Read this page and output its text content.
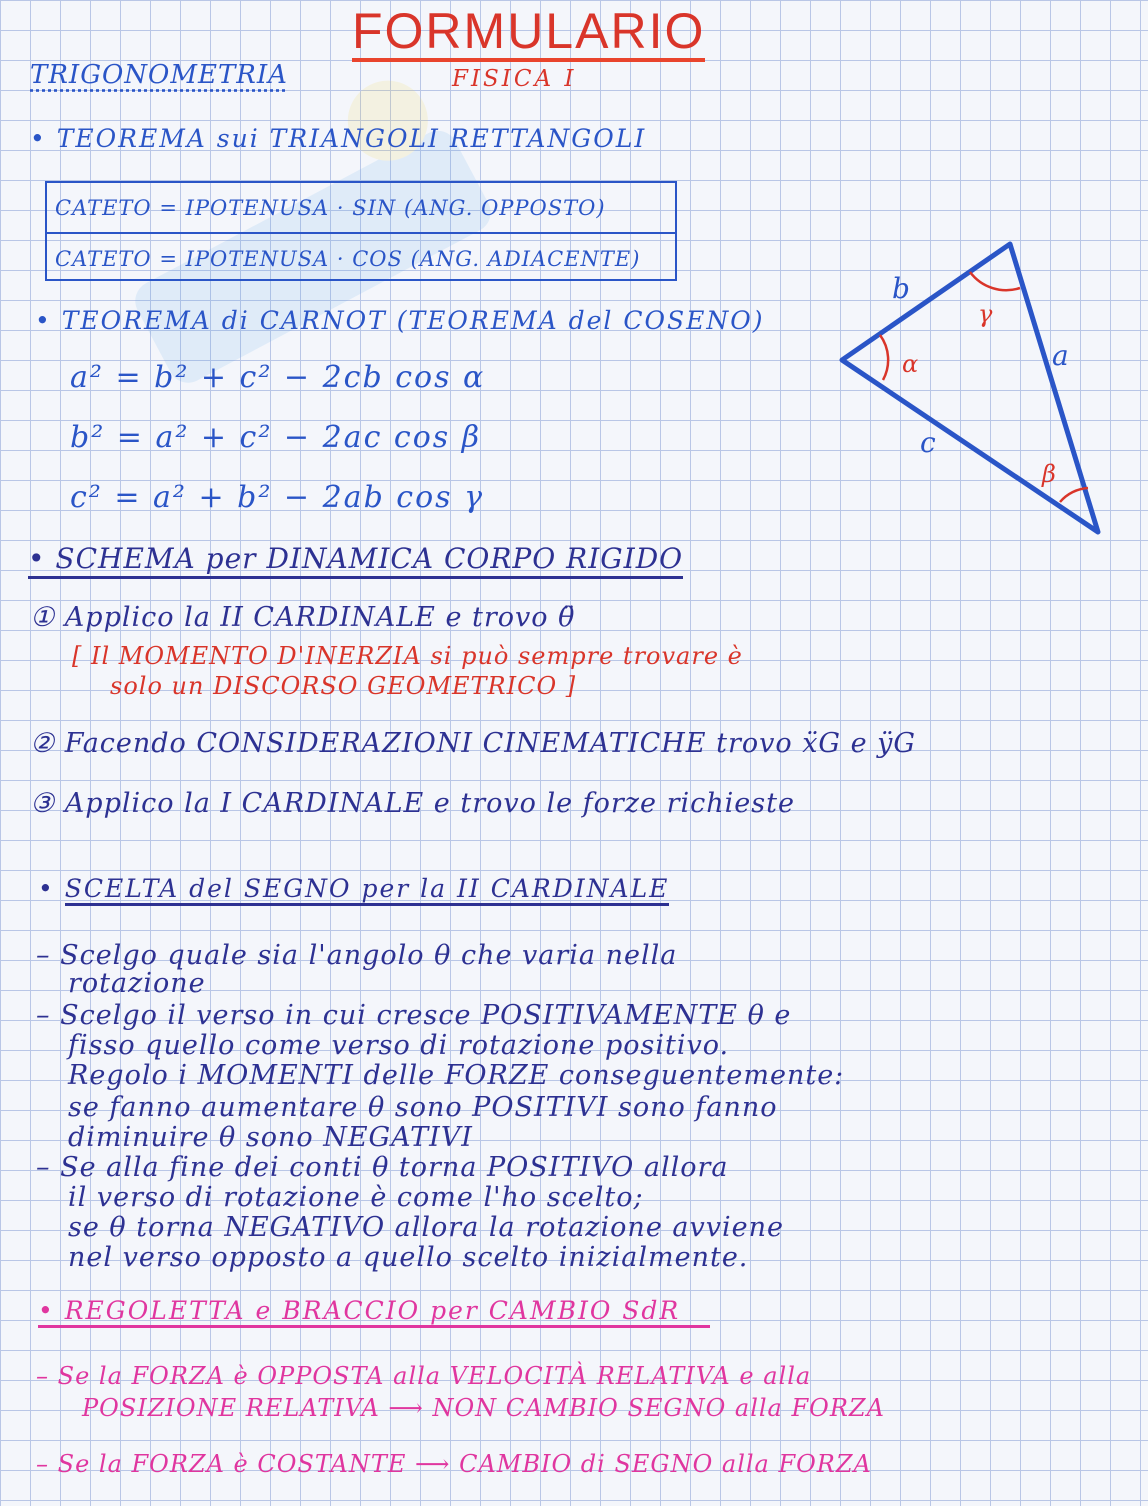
FORMULARIO
FISICA I
TRIGONOMETRIA
• TEOREMA sui TRIANGOLI RETTANGOLI
CATETO = IPOTENUSA · SIN (ANG. OPPOSTO)
CATETO = IPOTENUSA · COS (ANG. ADIACENTE)
• TEOREMA di CARNOT (TEOREMA del COSENO)
a² = b² + c² − 2cb cos α
b² = a² + c² − 2ac cos β
c² = a² + b² − 2ab cos γ
b
a
c
α
γ
β
• SCHEMA per DINAMICA CORPO RIGIDO
① Applico la II CARDINALE e trovo θ̈
[ Il MOMENTO D'INERZIA si può sempre trovare è
solo un DISCORSO GEOMETRICO ]
② Facendo CONSIDERAZIONI CINEMATICHE trovo ẍG e ÿG
③ Applico la I CARDINALE e trovo le forze richieste
• SCELTA del SEGNO per la II CARDINALE
– Scelgo quale sia l'angolo θ che varia nella
rotazione
– Scelgo il verso in cui cresce POSITIVAMENTE θ e
fisso quello come verso di rotazione positivo.
Regolo i MOMENTI delle FORZE conseguentemente:
se fanno aumentare θ sono POSITIVI sono fanno
diminuire θ sono NEGATIVI
– Se alla fine dei conti θ torna POSITIVO allora
il verso di rotazione è come l'ho scelto;
se θ torna NEGATIVO allora la rotazione avviene
nel verso opposto a quello scelto inizialmente.
• REGOLETTA e BRACCIO per CAMBIO SdR
– Se la FORZA è OPPOSTA alla VELOCITÀ RELATIVA e alla
POSIZIONE RELATIVA ⟶ NON CAMBIO SEGNO alla FORZA
– Se la FORZA è COSTANTE ⟶ CAMBIO di SEGNO alla FORZA
